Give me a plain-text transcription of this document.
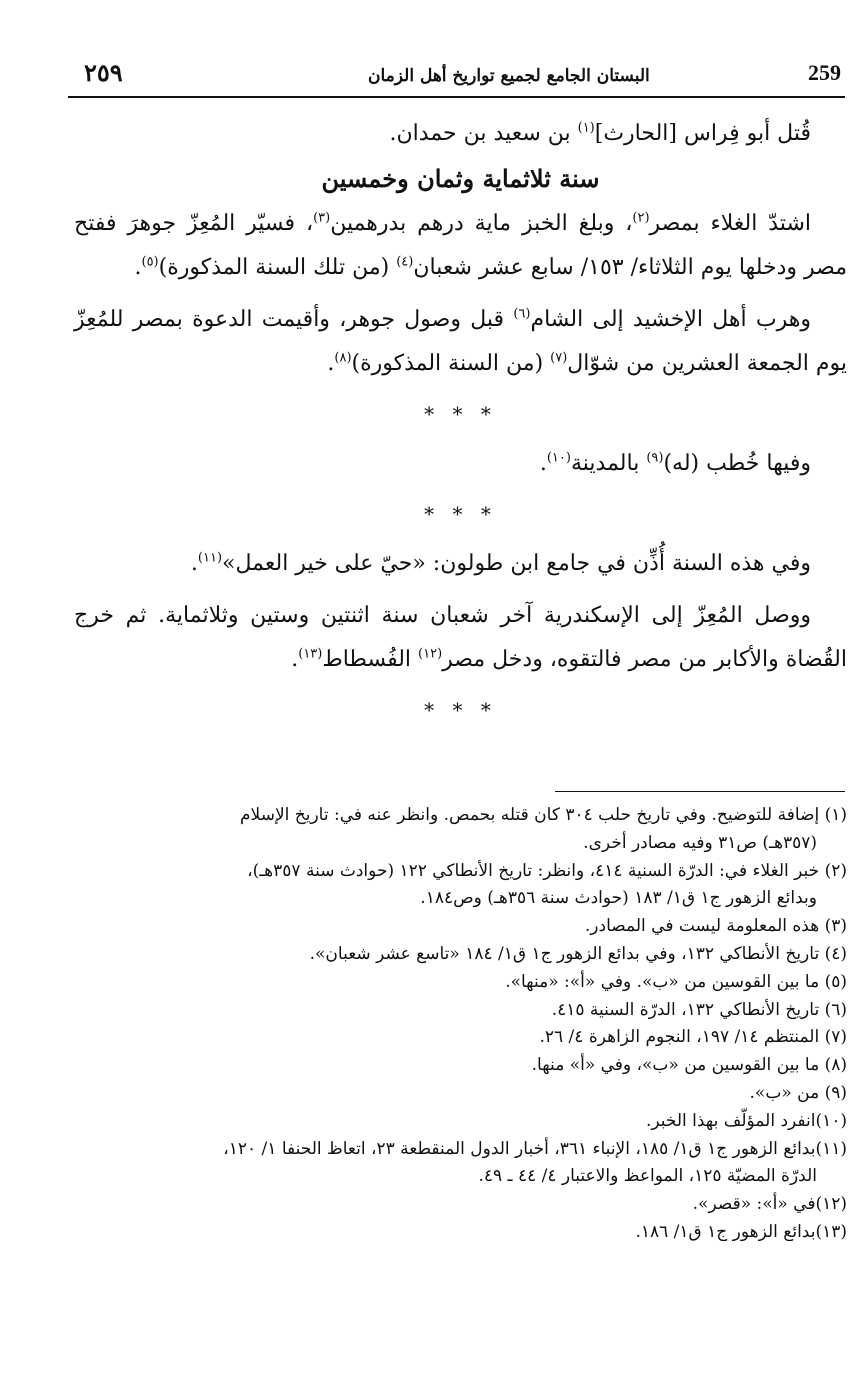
٢٥٩	البستان الجامع لجميع تواريخ أهل الزمان	259

قُتل أبو فِراس [الحارث]$^{(١)}$ بن سعيد بن حمدان.

سنة ثلاثماية وثمان وخمسين

اشتدّ الغلاء بمصر$^{(٢)}$، وبلغ الخبز ماية درهم بدرهمين$^{(٣)}$، فسيّر المُعِزّ جوهرَ ففتح مصر ودخلها يوم الثلاثاء/ ١٥٣/ سابع عشر شعبان$^{(٤)}$ (من تلك السنة المذكورة)$^{(٥)}$.

وهرب أهل الإخشيد إلى الشام$^{(٦)}$ قبل وصول جوهر، وأقيمت الدعوة بمصر للمُعِزّ يوم الجمعة العشرين من شوّال$^{(٧)}$ (من السنة المذكورة)$^{(٨)}$.

* * *

وفيها خُطب (له)$^{(٩)}$ بالمدينة$^{(١٠)}$.

* * *

وفي هذه السنة أُذِّن في جامع ابن طولون: «حيّ على خير العمل»$^{(١١)}$.

ووصل المُعِزّ إلى الإسكندرية آخر شعبان سنة اثنتين وستين وثلاثماية. ثم خرج القُضاة والأكابر من مصر فالتقوه، ودخل مصر$^{(١٢)}$ الفُسطاط$^{(١٣)}$.

* * *

(١) إضافة للتوضيح. وفي تاريخ حلب ٣٠٤ كان قتله بحمص. وانظر عنه في: تاريخ الإسلام
(٣٥٧هـ) ص٣١ وفيه مصادر أخرى.

(٢) خبر الغلاء في: الدرّة السنية ٤١٤، وانظر: تاريخ الأنطاكي ١٢٢ (حوادث سنة ٣٥٧هـ)،
وبدائع الزهور ج١ ق١/ ١٨٣ (حوادث سنة ٣٥٦هـ) وص١٨٤.

(٣) هذه المعلومة ليست في المصادر.

(٤) تاريخ الأنطاكي ١٣٢، وفي بدائع الزهور ج١ ق١/ ١٨٤ «تاسع عشر شعبان».

(٥) ما بين القوسين من «ب». وفي «أ»: «منها».

(٦) تاريخ الأنطاكي ١٣٢، الدرّة السنية ٤١٥.

(٧) المنتظم ١٤/ ١٩٧، النجوم الزاهرة ٤/ ٢٦.

(٨) ما بين القوسين من «ب»، وفي «أ» منها.

(٩) من «ب».

(١٠)انفرد المؤلّف بهذا الخبر.

(١١)بدائع الزهور ج١ ق١/ ١٨٥، الإنباء ٣٦١، أخبار الدول المنقطعة ٢٣، اتعاظ الحنفا ١/ ١٢٠،
الدرّة المضيّة ١٢٥، المواعظ والاعتبار ٤/ ٤٤ ـ ٤٩.

(١٢)في «أ»: «قصر».

(١٣)بدائع الزهور ج١ ق١/ ١٨٦.
